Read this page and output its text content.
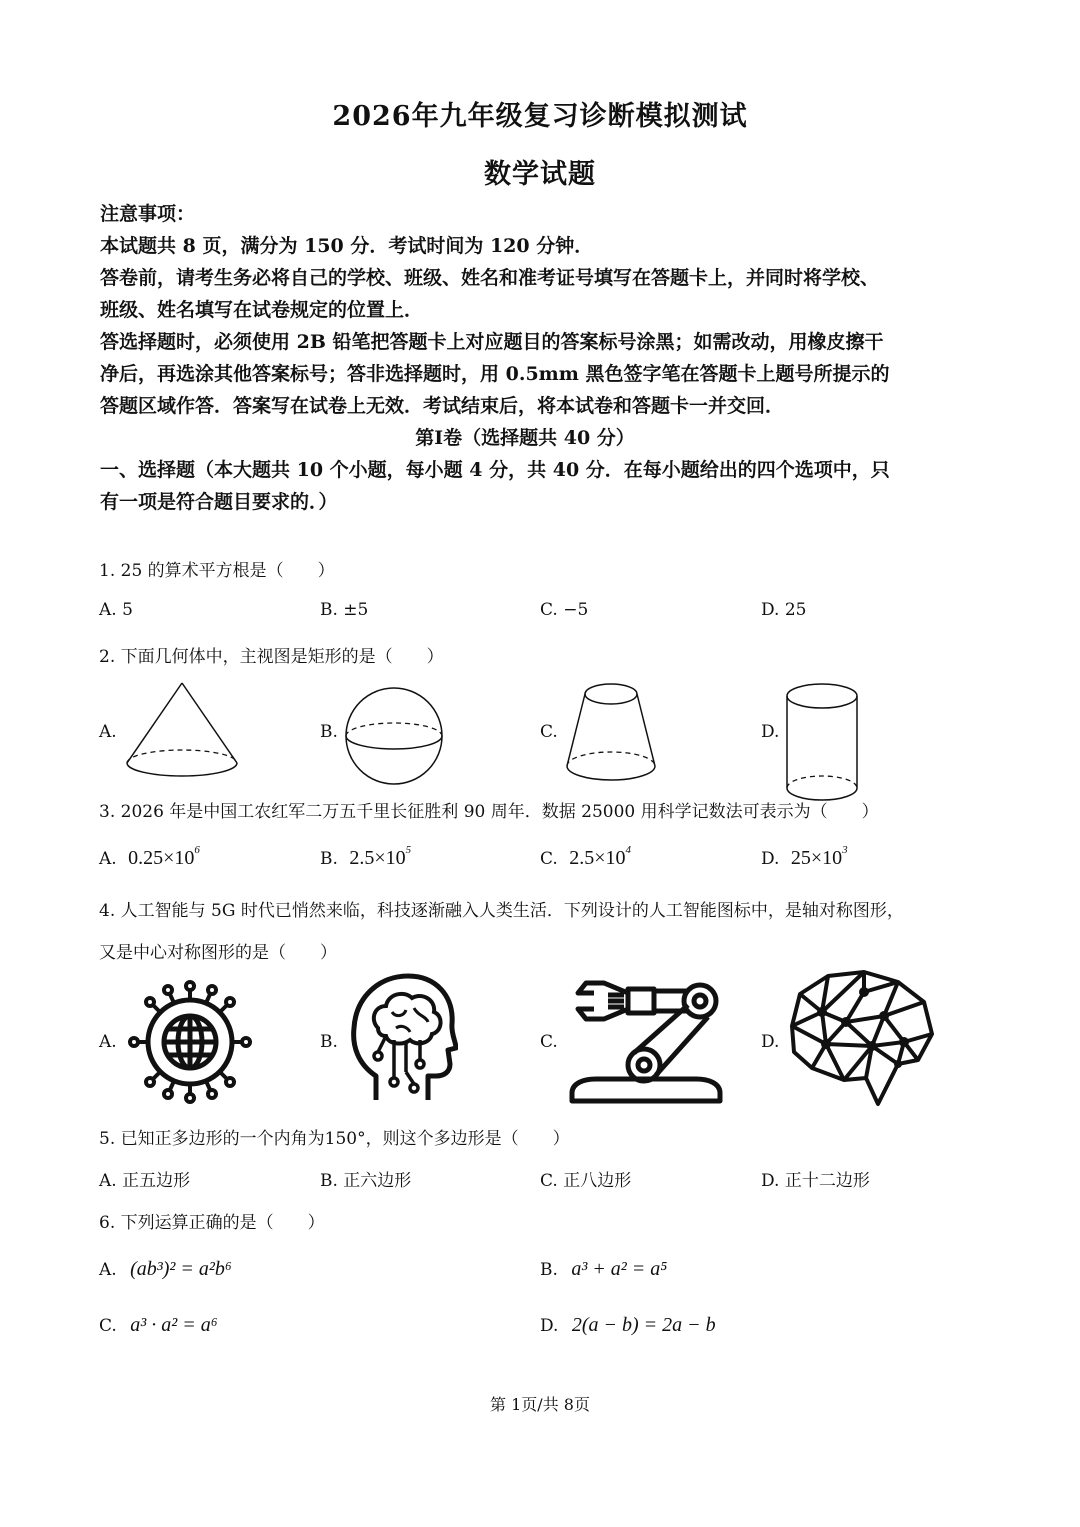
2026年九年级复习诊断模拟测试
数学试题
注意事项：
本试题共 8 页，满分为 150 分．考试时间为 120 分钟．
答卷前，请考生务必将自己的学校、班级、姓名和准考证号填写在答题卡上，并同时将学校、
班级、姓名填写在试卷规定的位置上．
答选择题时，必须使用 2B 铅笔把答题卡上对应题目的答案标号涂黑；如需改动，用橡皮擦干
净后，再选涂其他答案标号；答非选择题时，用 0.5mm 黑色签字笔在答题卡上题号所提示的
答题区域作答．答案写在试卷上无效．考试结束后，将本试卷和答题卡一并交回．
第Ⅰ卷（选择题共 40 分）
一、选择题（本大题共 10 个小题，每小题 4 分，共 40 分．在每小题给出的四个选项中，只
有一项是符合题目要求的．）
1. 25 的算术平方根是（　　）
A. 5	B. ±5	C. −5	D. 25
2. 下面几何体中，主视图是矩形的是（　　）
A.	B.	C.	D.
3. 2026 年是中国工农红军二万五千里长征胜利 90 周年．数据 25000 用科学记数法可表示为（　　）
A. $0.25\times 10^6$	B. $2.5\times 10^5$	C. $2.5\times 10^4$	D. $25\times 10^3$
4. 人工智能与 5G 时代已悄然来临，科技逐渐融入人类生活．下列设计的人工智能图标中，是轴对称图形，
又是中心对称图形的是（　　）
A.	B.	C.	D.
5. 已知正多边形的一个内角为150°，则这个多边形是（　　）
A. 正五边形	B. 正六边形	C. 正八边形	D. 正十二边形
6. 下列运算正确的是（　　）
A. (ab³)² = a²b⁶	B. a³ + a² = a⁵
C. a³ · a² = a⁶	D. 2(a − b) = 2a − b
第 1页/共 8页
